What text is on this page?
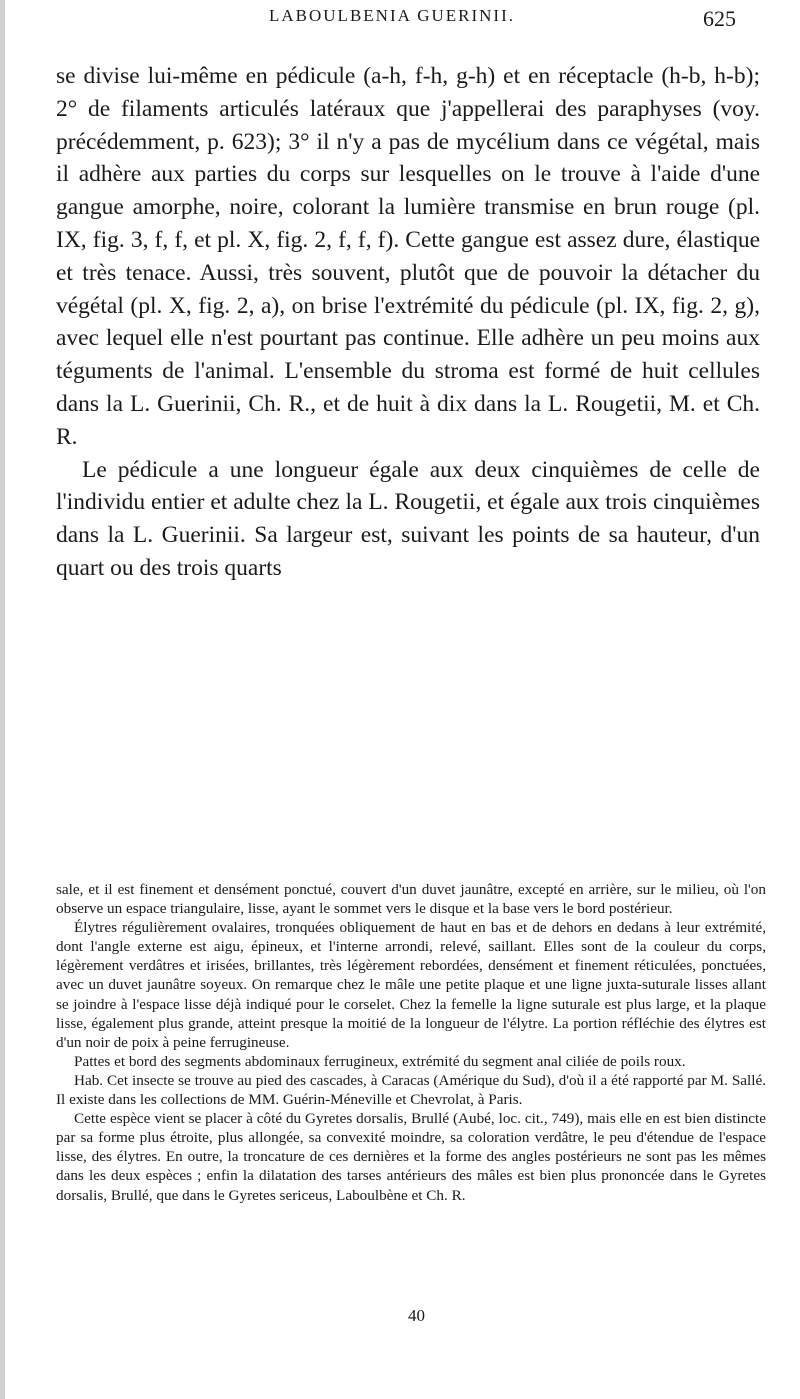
LABOULBENIA GUERINII.	625

se divise lui-même en pédicule (a-h, f-h, g-h) et en réceptacle (h-b, h-b); 2° de filaments articulés latéraux que j'appellerai des paraphyses (voy. précédemment, p. 623); 3° il n'y a pas de mycélium dans ce végétal, mais il adhère aux parties du corps sur lesquelles on le trouve à l'aide d'une gangue amorphe, noire, colorant la lumière transmise en brun rouge (pl. IX, fig. 3, f, f, et pl. X, fig. 2, f, f, f). Cette gangue est assez dure, élastique et très tenace. Aussi, très souvent, plutôt que de pouvoir la détacher du végétal (pl. X, fig. 2, a), on brise l'extrémité du pédicule (pl. IX, fig. 2, g), avec lequel elle n'est pourtant pas continue. Elle adhère un peu moins aux téguments de l'animal. L'ensemble du stroma est formé de huit cellules dans la L. Guerinii, Ch. R., et de huit à dix dans la L. Rougetii, M. et Ch. R.

Le pédicule a une longueur égale aux deux cinquièmes de celle de l'individu entier et adulte chez la L. Rougetii, et égale aux trois cinquièmes dans la L. Guerinii. Sa largeur est, suivant les points de sa hauteur, d'un quart ou des trois quarts

sale, et il est finement et densément ponctué, couvert d'un duvet jaunâtre, excepté en arrière, sur le milieu, où l'on observe un espace triangulaire, lisse, ayant le sommet vers le disque et la base vers le bord postérieur.

Élytres régulièrement ovalaires, tronquées obliquement de haut en bas et de dehors en dedans à leur extrémité, dont l'angle externe est aigu, épineux, et l'interne arrondi, relevé, saillant. Elles sont de la couleur du corps, légèrement verdâtres et irisées, brillantes, très légèrement rebordées, densément et finement réticulées, ponctuées, avec un duvet jaunâtre soyeux. On remarque chez le mâle une petite plaque et une ligne juxta-suturale lisses allant se joindre à l'espace lisse déjà indiqué pour le corselet. Chez la femelle la ligne suturale est plus large, et la plaque lisse, également plus grande, atteint presque la moitié de la longueur de l'élytre. La portion réfléchie des élytres est d'un noir de poix à peine ferrugineuse.

Pattes et bord des segments abdominaux ferrugineux, extrémité du segment anal ciliée de poils roux.

Hab. Cet insecte se trouve au pied des cascades, à Caracas (Amérique du Sud), d'où il a été rapporté par M. Sallé. Il existe dans les collections de MM. Guérin-Méneville et Chevrolat, à Paris.

Cette espèce vient se placer à côté du Gyretes dorsalis, Brullé (Aubé, loc. cit., 749), mais elle en est bien distincte par sa forme plus étroite, plus allongée, sa convexité moindre, sa coloration verdâtre, le peu d'étendue de l'espace lisse, des élytres. En outre, la troncature de ces dernières et la forme des angles postérieurs ne sont pas les mêmes dans les deux espèces ; enfin la dilatation des tarses antérieurs des mâles est bien plus prononcée dans le Gyretes dorsalis, Brullé, que dans le Gyretes sericeus, Laboulbène et Ch. R.

40
